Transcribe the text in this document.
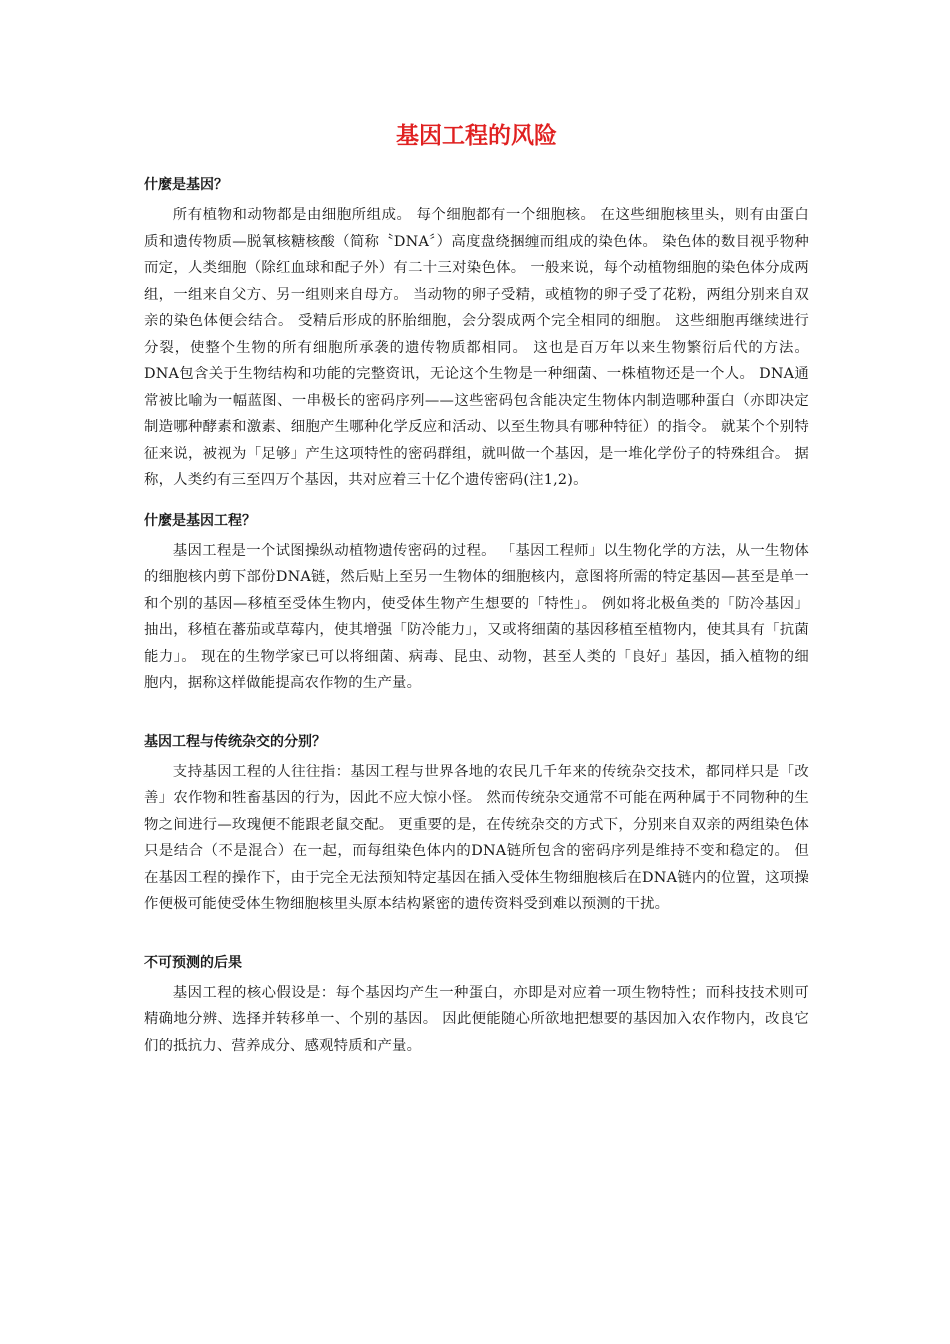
基因工程的风险
什麼是基因？

所有植物和动物都是由细胞所组成。 每个细胞都有一个细胞核。 在这些细胞核里头，则有由蛋白质和遗传物质—脱氧核糖核酸（简称〝DNA〞）高度盘绕捆缠而组成的染色体。 染色体的数目视乎物种而定，人类细胞（除红血球和配子外）有二十三对染色体。 一般来说，每个动植物细胞的染色体分成两组，一组来自父方、另一组则来自母方。 当动物的卵子受精，或植物的卵子受了花粉，两组分别来自双亲的染色体便会结合。 受精后形成的肧胎细胞，会分裂成两个完全相同的细胞。 这些细胞再继续进行分裂，使整个生物的所有细胞所承袭的遗传物质都相同。 这也是百万年以来生物繁衍后代的方法。 DNA包含关于生物结构和功能的完整资讯，无论这个生物是一种细菌、一株植物还是一个人。 DNA通常被比喻为一幅蓝图、一串极长的密码序列——这些密码包含能决定生物体内制造哪种蛋白（亦即决定制造哪种酵素和激素、细胞产生哪种化学反应和活动、以至生物具有哪种特征）的指令。 就某个个别特征来说，被视为「足够」产生这项特性的密码群组，就叫做一个基因，是一堆化学份子的特殊组合。 据称，人类约有三至四万个基因，共对应着三十亿个遗传密码(注1,2)。

什麼是基因工程？

基因工程是一个试图操纵动植物遗传密码的过程。 「基因工程师」以生物化学的方法，从一生物体的细胞核内剪下部份DNA链，然后贴上至另一生物体的细胞核内，意图将所需的特定基因—甚至是单一和个别的基因—移植至受体生物内，使受体生物产生想要的「特性」。 例如将北极鱼类的「防冷基因」抽出，移植在蕃茄或草莓内，使其增强「防冷能力」，又或将细菌的基因移植至植物内，使其具有「抗菌能力」。 现在的生物学家已可以将细菌、病毒、昆虫、动物，甚至人类的「良好」基因，插入植物的细胞内，据称这样做能提高农作物的生产量。

基因工程与传统杂交的分别？

支持基因工程的人往往指：基因工程与世界各地的农民几千年来的传统杂交技术，都同样只是「改善」农作物和牲畜基因的行为，因此不应大惊小怪。 然而传统杂交通常不可能在两种属于不同物种的生物之间进行—玫瑰便不能跟老鼠交配。 更重要的是，在传统杂交的方式下，分别来自双亲的两组染色体只是结合（不是混合）在一起，而每组染色体内的DNA链所包含的密码序列是维持不变和稳定的。 但在基因工程的操作下，由于完全无法预知特定基因在插入受体生物细胞核后在DNA链内的位置，这项操作便极可能使受体生物细胞核里头原本结构紧密的遗传资料受到难以预测的干扰。

不可预测的后果

基因工程的核心假设是：每个基因均产生一种蛋白，亦即是对应着一项生物特性；而科技技术则可精确地分辨、选择并转移单一、个别的基因。 因此便能随心所欲地把想要的基因加入农作物内，改良它们的抵抗力、营养成分、感观特质和产量。
